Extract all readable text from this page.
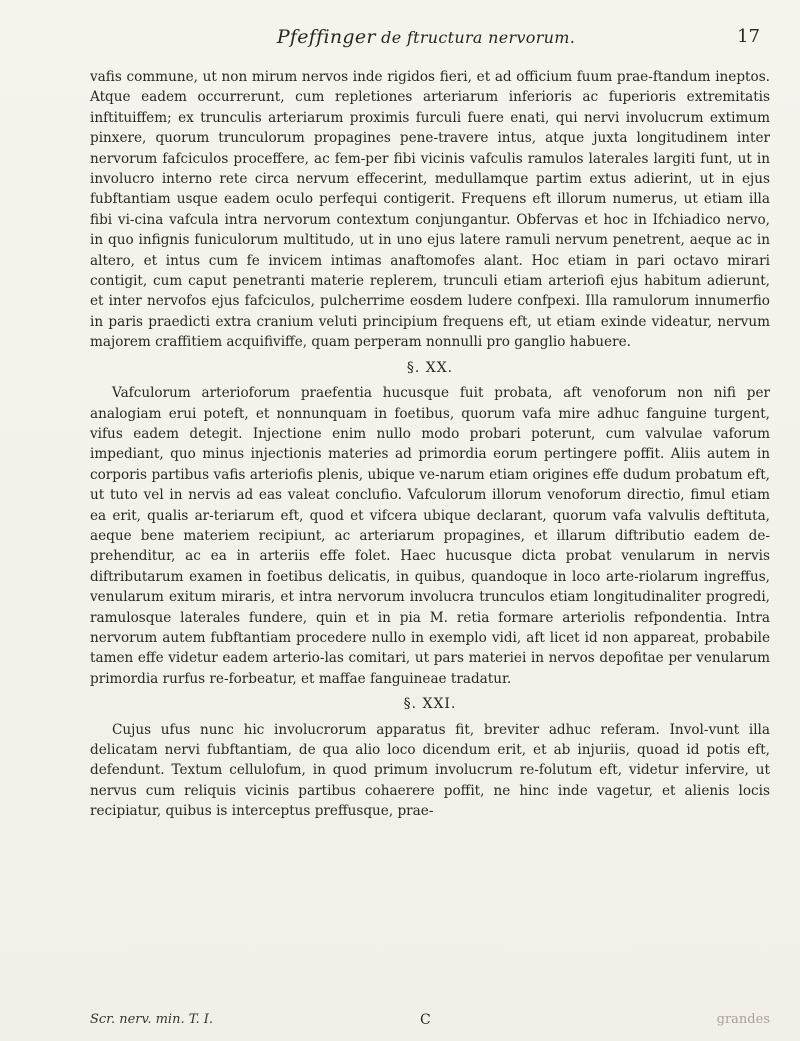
Pfeffinger de ftructura nervorum.	17

vafis commune, ut non mirum nervos inde rigidos fieri, et ad officium fuum prae-ftandum ineptos. Atque eadem occurrerunt, cum repletiones arteriarum inferioris ac fuperioris extremitatis inftituiffem; ex trunculis arteriarum proximis furculi fuere enati, qui nervi involucrum extimum pinxere, quorum trunculorum propagines pene-travere intus, atque juxta longitudinem inter nervorum fafciculos proceffere, ac fem-per fibi vicinis vafculis ramulos laterales largiti funt, ut in involucro interno rete circa nervum effecerint, medullamque partim extus adierint, ut in ejus fubftantiam usque eadem oculo perfequi contigerit. Frequens eft illorum numerus, ut etiam illa fibi vi-cina vafcula intra nervorum contextum conjungantur. Obfervas et hoc in Ifchiadico nervo, in quo infignis funiculorum multitudo, ut in uno ejus latere ramuli nervum penetrent, aeque ac in altero, et intus cum fe invicem intimas anaftomofes alant. Hoc etiam in pari octavo mirari contigit, cum caput penetranti materie replerem, trunculi etiam arteriofi ejus habitum adierunt, et inter nervofos ejus fafciculos, pulcherrime eosdem ludere confpexi. Illa ramulorum innumerfio in paris praedicti extra cranium veluti principium frequens eft, ut etiam exinde videatur, nervum majorem craffitiem acquifiviffe, quam perperam nonnulli pro ganglio habuere.

§. XX.

Vafculorum arterioforum praefentia hucusque fuit probata, aft venoforum non nifi per analogiam erui poteft, et nonnunquam in foetibus, quorum vafa mire adhuc fanguine turgent, vifus eadem detegit. Injectione enim nullo modo probari poterunt, cum valvulae vaforum impediant, quo minus injectionis materies ad primordia eorum pertingere poffit. Aliis autem in corporis partibus vafis arteriofis plenis, ubique ve-narum etiam origines effe dudum probatum eft, ut tuto vel in nervis ad eas valeat conclufio. Vafculorum illorum venoforum directio, fimul etiam ea erit, qualis ar-teriarum eft, quod et vifcera ubique declarant, quorum vafa valvulis deftituta, aeque bene materiem recipiunt, ac arteriarum propagines, et illarum diftributio eadem de-prehenditur, ac ea in arteriis effe folet. Haec hucusque dicta probat venularum in nervis diftributarum examen in foetibus delicatis, in quibus, quandoque in loco arte-riolarum ingreffus, venularum exitum miraris, et intra nervorum involucra trunculos etiam longitudinaliter progredi, ramulosque laterales fundere, quin et in pia M. retia formare arteriolis refpondentia. Intra nervorum autem fubftantiam procedere nullo in exemplo vidi, aft licet id non appareat, probabile tamen effe videtur eadem arterio-las comitari, ut pars materiei in nervos depofitae per venularum primordia rurfus re-forbeatur, et maffae fanguineae tradatur.

§. XXI.

Cujus ufus nunc hic involucrorum apparatus fit, breviter adhuc referam. Invol-vunt illa delicatam nervi fubftantiam, de qua alio loco dicendum erit, et ab injuriis, quoad id potis eft, defendunt. Textum cellulofum, in quod primum involucrum re-folutum eft, videtur infervire, ut nervus cum reliquis vicinis partibus cohaerere poffit, ne hinc inde vagetur, et alienis locis recipiatur, quibus is interceptus preffusque, prae-

Scr. nerv. min. T. I.	C	grandes
